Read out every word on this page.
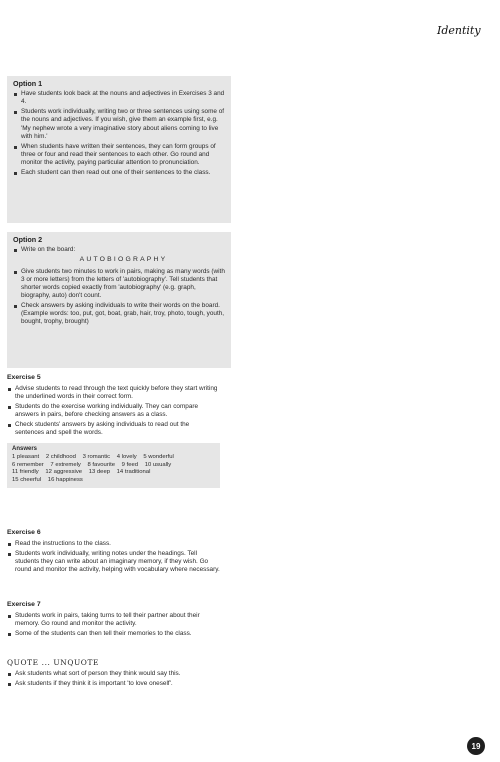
Identity
Option 1
Have students look back at the nouns and adjectives in Exercises 3 and 4.
Students work individually, writing two or three sentences using some of the nouns and adjectives. If you wish, give them an example first, e.g. 'My nephew wrote a very imaginative story about aliens coming to live with him.'
When students have written their sentences, they can form groups of three or four and read their sentences to each other. Go round and monitor the activity, paying particular attention to pronunciation.
Each student can then read out one of their sentences to the class.
Option 2
Write on the board:
AUTOBIOGRAPHY
Give students two minutes to work in pairs, making as many words (with 3 or more letters) from the letters of 'autobiography'. Tell students that shorter words copied exactly from 'autobiography' (e.g. graph, biography, auto) don't count.
Check answers by asking individuals to write their words on the board. (Example words: too, put, got, boat, grab, hair, troy, photo, tough, youth, bought, trophy, brought)
Exercise 5
Advise students to read through the text quickly before they start writing the underlined words in their correct form.
Students do the exercise working individually. They can compare answers in pairs, before checking answers as a class.
Check students' answers by asking individuals to read out the sentences and spell the words.
Answers
1 pleasant 2 childhood 3 romantic 4 lovely 5 wonderful
6 remember 7 extremely 8 favourite 9 feed 10 usually
11 friendly 12 aggressive 13 deep 14 traditional
15 cheerful 16 happiness
Exercise 6
Read the instructions to the class.
Students work individually, writing notes under the headings. Tell students they can write about an imaginary memory, if they wish. Go round and monitor the activity, helping with vocabulary where necessary.
Exercise 7
Students work in pairs, taking turns to tell their partner about their memory. Go round and monitor the activity.
Some of the students can then tell their memories to the class.
QUOTE ... UNQUOTE
Ask students what sort of person they think would say this.
Ask students if they think it is important 'to love oneself'.
19
